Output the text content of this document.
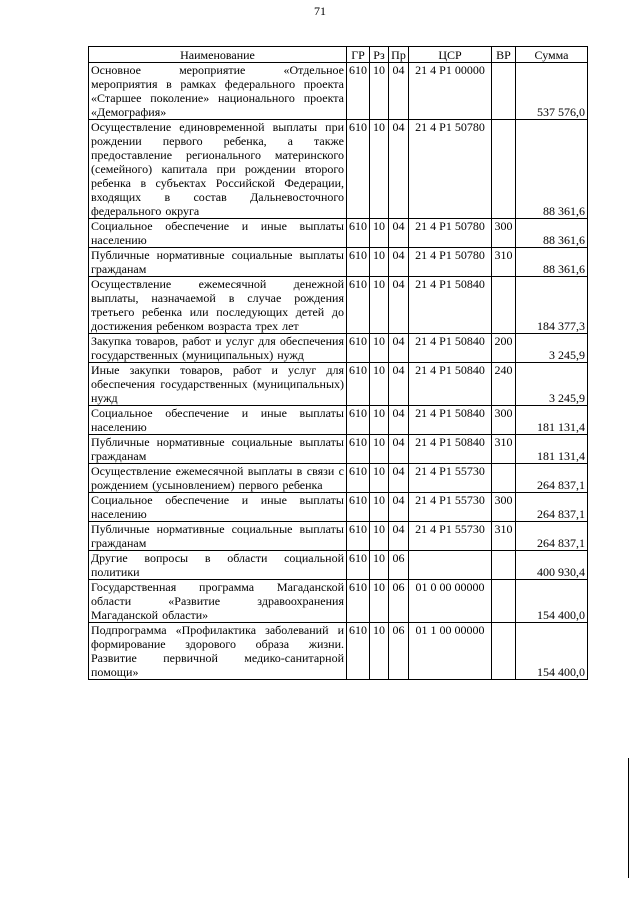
71
Наименование	ГР	Рз	Пр	ЦСР	ВР	Сумма
Основное мероприятие «Отдельное мероприятия в рамках федерального проекта «Старшее поколение» национального проекта «Демография»	610	10	04	21 4 P1 00000		537 576,0
Осуществление единовременной выплаты при рождении первого ребенка, а также предоставление регионального материнского (семейного) капитала при рождении второго ребенка в субъектах Российской Федерации, входящих в состав Дальневосточного федерального округа	610	10	04	21 4 P1 50780		88 361,6
Социальное обеспечение и иные выплаты населению	610	10	04	21 4 P1 50780	300	88 361,6
Публичные нормативные социальные выплаты гражданам	610	10	04	21 4 P1 50780	310	88 361,6
Осуществление ежемесячной денежной выплаты, назначаемой в случае рождения третьего ребенка или последующих детей до достижения ребенком возраста трех лет	610	10	04	21 4 P1 50840		184 377,3
Закупка товаров, работ и услуг для обеспечения государственных (муниципальных) нужд	610	10	04	21 4 P1 50840	200	3 245,9
Иные закупки товаров, работ и услуг для обеспечения государственных (муниципальных) нужд	610	10	04	21 4 P1 50840	240	3 245,9
Социальное обеспечение и иные выплаты населению	610	10	04	21 4 P1 50840	300	181 131,4
Публичные нормативные социальные выплаты гражданам	610	10	04	21 4 P1 50840	310	181 131,4
Осуществление ежемесячной выплаты в связи с рождением (усыновлением) первого ребенка	610	10	04	21 4 P1 55730		264 837,1
Социальное обеспечение и иные выплаты населению	610	10	04	21 4 P1 55730	300	264 837,1
Публичные нормативные социальные выплаты гражданам	610	10	04	21 4 P1 55730	310	264 837,1
Другие вопросы в области социальной политики	610	10	06			400 930,4
Государственная программа Магаданской области «Развитие здравоохранения Магаданской области»	610	10	06	01 0 00 00000		154 400,0
Подпрограмма «Профилактика заболеваний и формирование здорового образа жизни. Развитие первичной медико-санитарной помощи»	610	10	06	01 1 00 00000		154 400,0
